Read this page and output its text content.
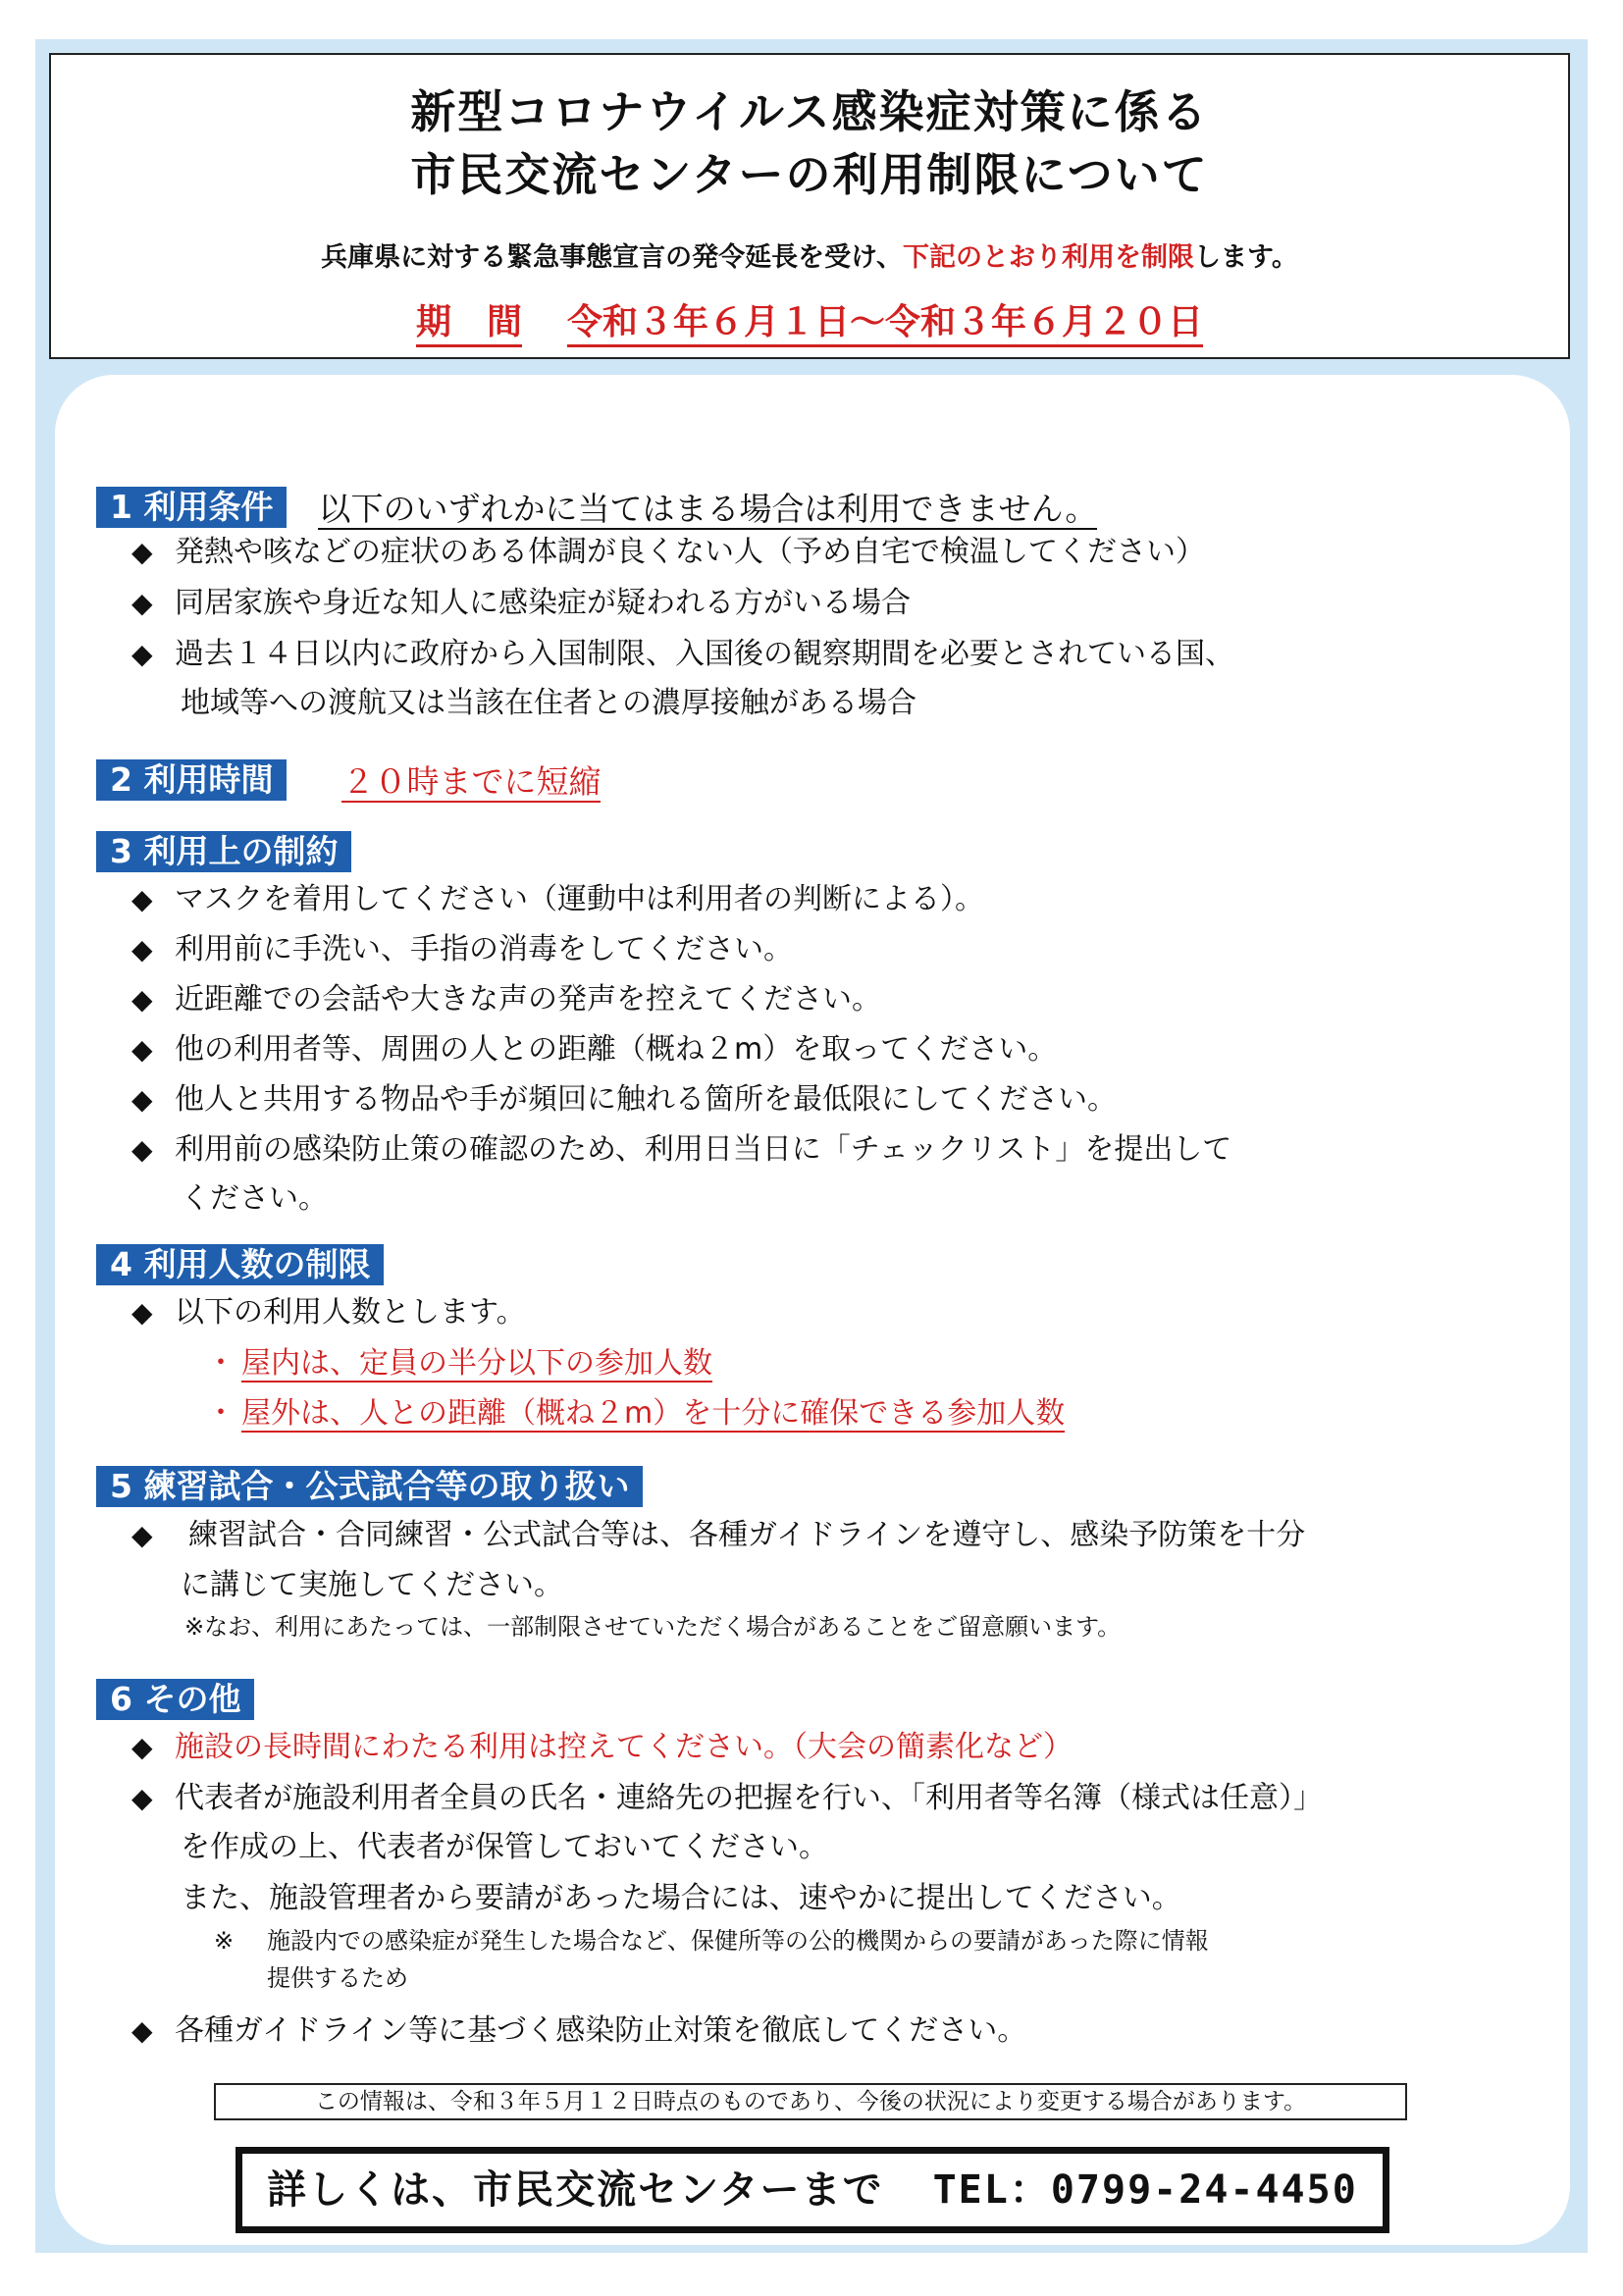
新型コロナウイルス感染症対策に係る
市民交流センターの利用制限について
兵庫県に対する緊急事態宣言の発令延長を受け、下記のとおり利用を制限します。
期　間 令和３年６月１日～令和３年６月２０日
1 利用条件 以下のいずれかに当てはまる場合は利用できません。
◆ 発熱や咳などの症状のある体調が良くない人（予め自宅で検温してください）
◆ 同居家族や身近な知人に感染症が疑われる方がいる場合
◆ 過去１４日以内に政府から入国制限、入国後の観察期間を必要とされている国、
地域等への渡航又は当該在住者との濃厚接触がある場合
2 利用時間 ２０時までに短縮
3 利用上の制約
◆ マスクを着用してください（運動中は利用者の判断による）。
◆ 利用前に手洗い、手指の消毒をしてください。
◆ 近距離での会話や大きな声の発声を控えてください。
◆ 他の利用者等、周囲の人との距離（概ね２m）を取ってください。
◆ 他人と共用する物品や手が頻回に触れる箇所を最低限にしてください。
◆ 利用前の感染防止策の確認のため、利用日当日に「チェックリスト」を提出して
ください。
4 利用人数の制限
◆ 以下の利用人数とします。
・ 屋内は、定員の半分以下の参加人数
・ 屋外は、人との距離（概ね２m）を十分に確保できる参加人数
5 練習試合・公式試合等の取り扱い
◆ 練習試合・合同練習・公式試合等は、各種ガイドラインを遵守し、感染予防策を十分
に講じて実施してください。
※なお、利用にあたっては、一部制限させていただく場合があることをご留意願います。
6 その他
◆ 施設の長時間にわたる利用は控えてください。（大会の簡素化など）
◆ 代表者が施設利用者全員の氏名・連絡先の把握を行い、「利用者等名簿（様式は任意）」
を作成の上、代表者が保管しておいてください。
また、施設管理者から要請があった場合には、速やかに提出してください。
※ 施設内での感染症が発生した場合など、保健所等の公的機関からの要請があった際に情報
提供するため
◆ 各種ガイドライン等に基づく感染防止対策を徹底してください。
この情報は、令和３年５月１２日時点のものであり、今後の状況により変更する場合があります。
詳しくは、市民交流センターまで TEL：0799-24-4450
